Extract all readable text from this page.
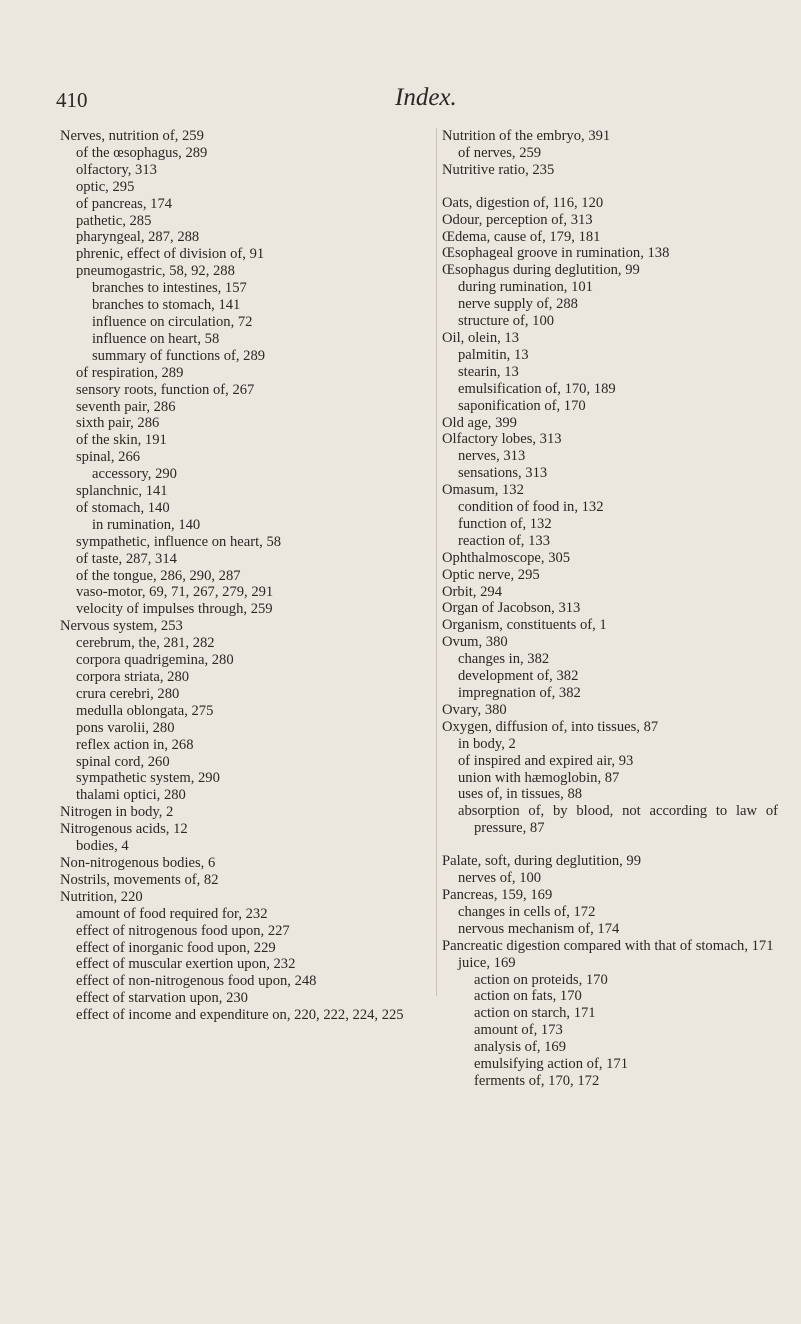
410	Index.
Nerves, nutrition of, 259
of the œsophagus, 289
olfactory, 313
optic, 295
of pancreas, 174
pathetic, 285
pharyngeal, 287, 288
phrenic, effect of division of, 91
pneumogastric, 58, 92, 288
branches to intestines, 157
branches to stomach, 141
influence on circulation, 72
influence on heart, 58
summary of functions of, 289
of respiration, 289
sensory roots, function of, 267
seventh pair, 286
sixth pair, 286
of the skin, 191
spinal, 266
accessory, 290
splanchnic, 141
of stomach, 140
in rumination, 140
sympathetic, influence on heart, 58
of taste, 287, 314
of the tongue, 286, 290, 287
vaso-motor, 69, 71, 267, 279, 291
velocity of impulses through, 259
Nervous system, 253
cerebrum, the, 281, 282
corpora quadrigemina, 280
corpora striata, 280
crura cerebri, 280
medulla oblongata, 275
pons varolii, 280
reflex action in, 268
spinal cord, 260
sympathetic system, 290
thalami optici, 280
Nitrogen in body, 2
Nitrogenous acids, 12
bodies, 4
Non-nitrogenous bodies, 6
Nostrils, movements of, 82
Nutrition, 220
amount of food required for, 232
effect of nitrogenous food upon, 227
effect of inorganic food upon, 229
effect of muscular exertion upon, 232
effect of non-nitrogenous food upon, 248
effect of starvation upon, 230
effect of income and expenditure on, 220, 222, 224, 225
Nutrition of the embryo, 391
of nerves, 259
Nutritive ratio, 235
Oats, digestion of, 116, 120
Odour, perception of, 313
Œdema, cause of, 179, 181
Œsophageal groove in rumination, 138
Œsophagus during deglutition, 99
during rumination, 101
nerve supply of, 288
structure of, 100
Oil, olein, 13
palmitin, 13
stearin, 13
emulsification of, 170, 189
saponification of, 170
Old age, 399
Olfactory lobes, 313
nerves, 313
sensations, 313
Omasum, 132
condition of food in, 132
function of, 132
reaction of, 133
Ophthalmoscope, 305
Optic nerve, 295
Orbit, 294
Organ of Jacobson, 313
Organism, constituents of, 1
Ovum, 380
changes in, 382
development of, 382
impregnation of, 382
Ovary, 380
Oxygen, diffusion of, into tissues, 87
in body, 2
of inspired and expired air, 93
union with hæmoglobin, 87
uses of, in tissues, 88
absorption of, by blood, not according to law of pressure, 87
Palate, soft, during deglutition, 99
nerves of, 100
Pancreas, 159, 169
changes in cells of, 172
nervous mechanism of, 174
Pancreatic digestion compared with that of stomach, 171
juice, 169
action on proteids, 170
action on fats, 170
action on starch, 171
amount of, 173
analysis of, 169
emulsifying action of, 171
ferments of, 170, 172
